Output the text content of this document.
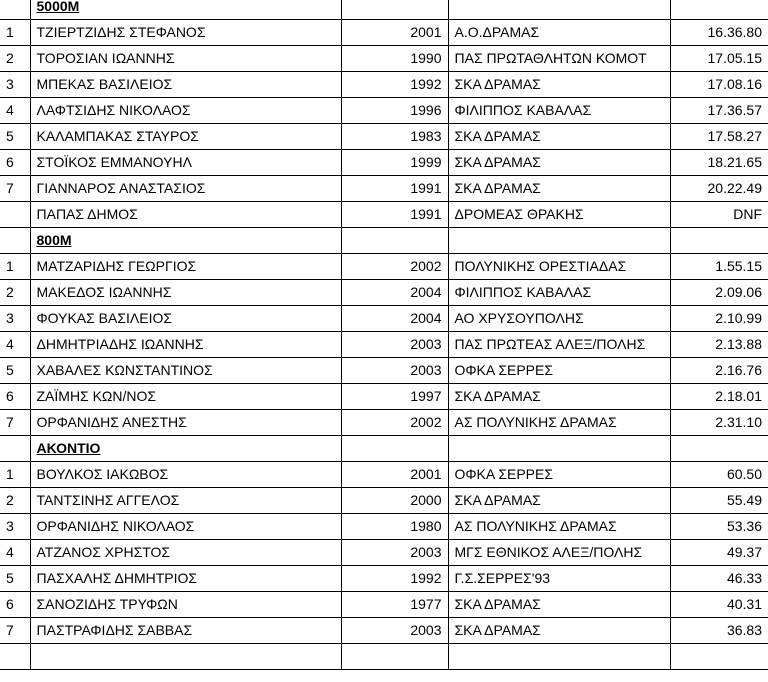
	5000M			
1	ΤΖΙΕΡΤΖΙΔΗΣ ΣΤΕΦΑΝΟΣ	2001	Α.Ο.ΔΡΑΜΑΣ	16.36.80
2	ΤΟΡΟΣΙΑΝ ΙΩΑΝΝΗΣ	1990	ΠΑΣ ΠΡΩΤΑΘΛΗΤΩΝ ΚΟΜΟΤ	17.05.15
3	ΜΠΕΚΑΣ ΒΑΣΙΛΕΙΟΣ	1992	ΣΚΑ ΔΡΑΜΑΣ	17.08.16
4	ΛΑΦΤΣΙΔΗΣ ΝΙΚΟΛΑΟΣ	1996	ΦΙΛΙΠΠΟΣ ΚΑΒΑΛΑΣ	17.36.57
5	ΚΑΛΑΜΠΑΚΑΣ ΣΤΑΥΡΟΣ	1983	ΣΚΑ ΔΡΑΜΑΣ	17.58.27
6	ΣΤΟΪΚΟΣ ΕΜΜΑΝΟΥΗΛ	1999	ΣΚΑ ΔΡΑΜΑΣ	18.21.65
7	ΓΙΑΝΝΑΡΟΣ ΑΝΑΣΤΑΣΙΟΣ	1991	ΣΚΑ ΔΡΑΜΑΣ	20.22.49
	ΠΑΠΑΣ ΔΗΜΟΣ	1991	ΔΡΟΜΕΑΣ ΘΡΑΚΗΣ	DNF
	800M			
1	ΜΑΤΖΑΡΙΔΗΣ ΓΕΩΡΓΙΟΣ	2002	ΠΟΛΥΝΙΚΗΣ ΟΡΕΣΤΙΑΔΑΣ	1.55.15
2	ΜΑΚΕΔΟΣ ΙΩΑΝΝΗΣ	2004	ΦΙΛΙΠΠΟΣ ΚΑΒΑΛΑΣ	2.09.06
3	ΦΟΥΚΑΣ ΒΑΣΙΛΕΙΟΣ	2004	ΑΟ ΧΡΥΣΟΥΠΟΛΗΣ	2.10.99
4	ΔΗΜΗΤΡΙΑΔΗΣ ΙΩΑΝΝΗΣ	2003	ΠΑΣ ΠΡΩΤΕΑΣ ΑΛΕΞ/ΠΟΛΗΣ	2.13.88
5	ΧΑΒΑΛΕΣ ΚΩΝΣΤΑΝΤΙΝΟΣ	2003	ΟΦΚΑ ΣΕΡΡΕΣ	2.16.76
6	ΖΑΪΜΗΣ ΚΩΝ/ΝΟΣ	1997	ΣΚΑ ΔΡΑΜΑΣ	2.18.01
7	ΟΡΦΑΝΙΔΗΣ ΑΝΕΣΤΗΣ	2002	ΑΣ ΠΟΛΥΝΙΚΗΣ ΔΡΑΜΑΣ	2.31.10
	ΑΚΟΝΤΙΟ			
1	ΒΟΥΛΚΟΣ ΙΑΚΩΒΟΣ	2001	ΟΦΚΑ ΣΕΡΡΕΣ	60.50
2	ΤΑΝΤΣΙΝΗΣ ΑΓΓΕΛΟΣ	2000	ΣΚΑ ΔΡΑΜΑΣ	55.49
3	ΟΡΦΑΝΙΔΗΣ ΝΙΚΟΛΑΟΣ	1980	ΑΣ ΠΟΛΥΝΙΚΗΣ ΔΡΑΜΑΣ	53.36
4	ΑΤΖΑΝΟΣ ΧΡΗΣΤΟΣ	2003	ΜΓΣ ΕΘΝΙΚΟΣ ΑΛΕΞ/ΠΟΛΗΣ	49.37
5	ΠΑΣΧΑΛΗΣ ΔΗΜΗΤΡΙΟΣ	1992	Γ.Σ.ΣΕΡΡΕΣ'93	46.33
6	ΣΑΝΟΖΙΔΗΣ ΤΡΥΦΩΝ	1977	ΣΚΑ ΔΡΑΜΑΣ	40.31
7	ΠΑΣΤΡΑΦΙΔΗΣ ΣΑΒΒΑΣ	2003	ΣΚΑ ΔΡΑΜΑΣ	36.83
